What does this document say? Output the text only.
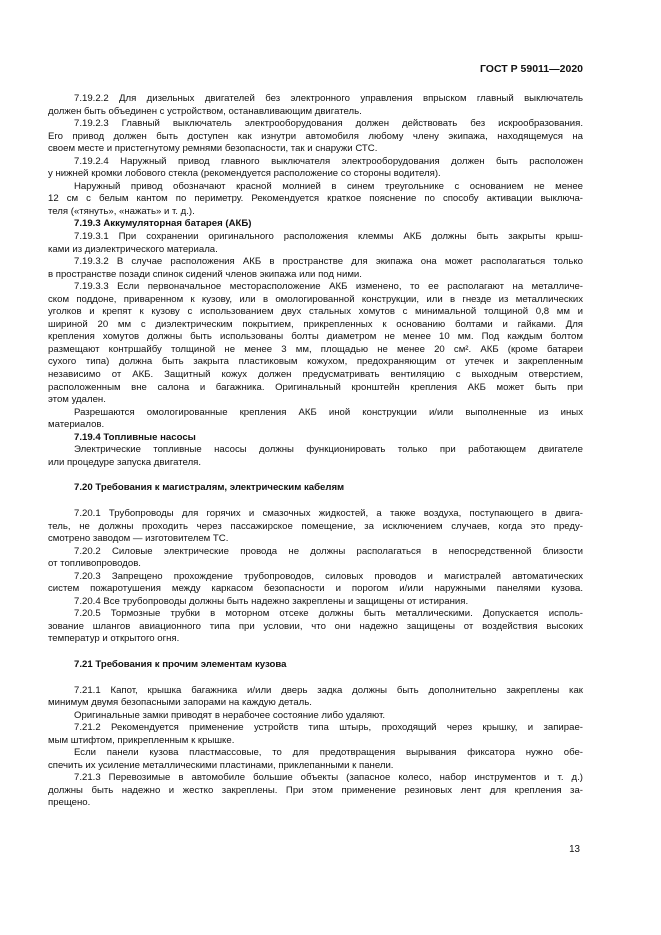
ГОСТ Р 59011—2020
7.19.2.2 Для дизельных двигателей без электронного управления впрыском главный выключатель
должен быть объединен с устройством, останавливающим двигатель.
7.19.2.3 Главный выключатель электрооборудования должен действовать без искрообразования.
Его привод должен быть доступен как изнутри автомобиля любому члену экипажа, находящемуся на
своем месте и пристегнутому ремнями безопасности, так и снаружи СТС.
7.19.2.4 Наружный привод главного выключателя электрооборудования должен быть расположен
у нижней кромки лобового стекла (рекомендуется расположение со стороны водителя).
Наружный привод обозначают красной молнией в синем треугольнике с основанием не менее
12 см с белым кантом по периметру. Рекомендуется краткое пояснение по способу активации выключа-
теля («тянуть», «нажать» и т. д.).
7.19.3 Аккумуляторная батарея (АКБ)
7.19.3.1 При сохранении оригинального расположения клеммы АКБ должны быть закрыты крыш-
ками из диэлектрического материала.
7.19.3.2 В случае расположения АКБ в пространстве для экипажа она может располагаться только
в пространстве позади спинок сидений членов экипажа или под ними.
7.19.3.3 Если первоначальное месторасположение АКБ изменено, то ее располагают на металличе-
ском поддоне, приваренном к кузову, или в омологированной конструкции, или в гнезде из металлических
уголков и крепят к кузову с использованием двух стальных хомутов с минимальной толщиной 0,8 мм и
шириной 20 мм с диэлектрическим покрытием, прикрепленных к основанию болтами и гайками. Для
крепления хомутов должны быть использованы болты диаметром не менее 10 мм. Под каждым болтом
размещают контршайбу толщиной не менее 3 мм, площадью не менее 20 см². АКБ (кроме батареи
сухого типа) должна быть закрыта пластиковым кожухом, предохраняющим от утечек и закрепленным
независимо от АКБ. Защитный кожух должен предусматривать вентиляцию с выходным отверстием,
расположенным вне салона и багажника. Оригинальный кронштейн крепления АКБ может быть при
этом удален.
Разрешаются омологированные крепления АКБ иной конструкции и/или выполненные из иных
материалов.
7.19.4 Топливные насосы
Электрические топливные насосы должны функционировать только при работающем двигателе
или процедуре запуска двигателя.
7.20 Требования к магистралям, электрическим кабелям
7.20.1 Трубопроводы для горячих и смазочных жидкостей, а также воздуха, поступающего в двига-
тель, не должны проходить через пассажирское помещение, за исключением случаев, когда это преду-
смотрено заводом — изготовителем ТС.
7.20.2 Силовые электрические провода не должны располагаться в непосредственной близости
от топливопроводов.
7.20.3 Запрещено прохождение трубопроводов, силовых проводов и магистралей автоматических
систем пожаротушения между каркасом безопасности и порогом и/или наружными панелями кузова.
7.20.4 Все трубопроводы должны быть надежно закреплены и защищены от истирания.
7.20.5 Тормозные трубки в моторном отсеке должны быть металлическими. Допускается исполь-
зование шлангов авиационного типа при условии, что они надежно защищены от воздействия высоких
температур и открытого огня.
7.21 Требования к прочим элементам кузова
7.21.1 Капот, крышка багажника и/или дверь задка должны быть дополнительно закреплены как
минимум двумя безопасными запорами на каждую деталь.
Оригинальные замки приводят в нерабочее состояние либо удаляют.
7.21.2 Рекомендуется применение устройств типа штырь, проходящий через крышку, и запирае-
мым штифтом, прикрепленным к крышке.
Если панели кузова пластмассовые, то для предотвращения вырывания фиксатора нужно обе-
спечить их усиление металлическими пластинами, приклепанными к панели.
7.21.3 Перевозимые в автомобиле большие объекты (запасное колесо, набор инструментов и т. д.)
должны быть надежно и жестко закреплены. При этом применение резиновых лент для крепления за-
прещено.
13
